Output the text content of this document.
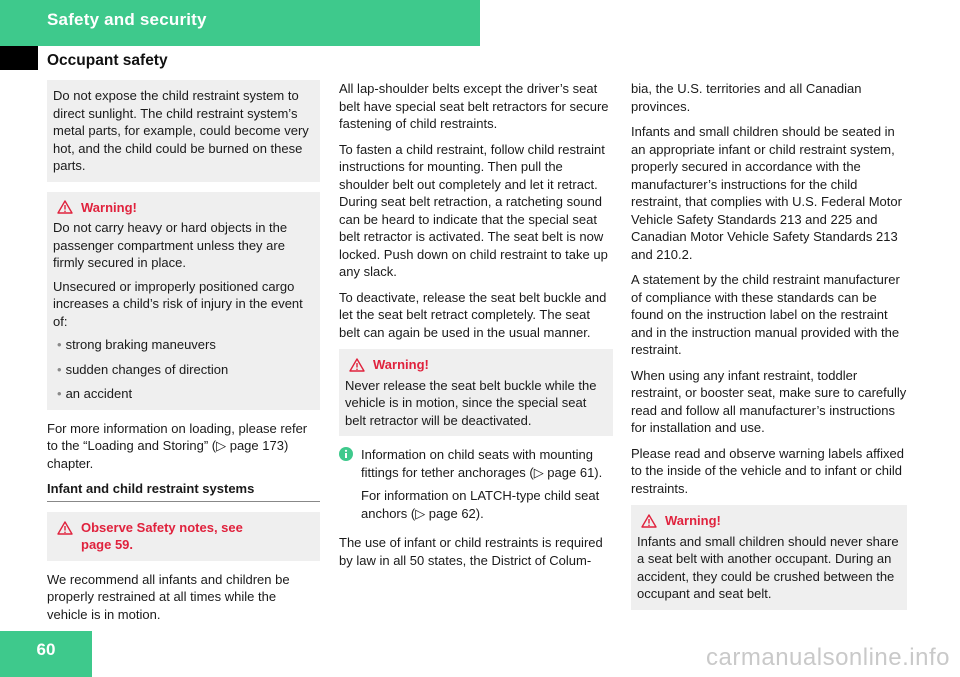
Safety and security
Occupant safety

Do not expose the child restraint system to direct sunlight. The child restraint system’s metal parts, for example, could become very hot, and the child could be burned on these parts.

Warning!

Do not carry heavy or hard objects in the passenger compartment unless they are firmly secured in place.

Unsecured or improperly positioned cargo increases a child’s risk of injury in the event of:

• strong braking maneuvers
• sudden changes of direction
• an accident

For more information on loading, please refer to the “Loading and Storing” (▷ page 173) chapter.

Infant and child restraint systems
Observe Safety notes, see
page 59.

We recommend all infants and children be properly restrained at all times while the vehicle is in motion.

All lap-shoulder belts except the driver’s seat belt have special seat belt retractors for secure fastening of child restraints.

To fasten a child restraint, follow child restraint instructions for mounting. Then pull the shoulder belt out completely and let it retract. During seat belt retraction, a ratcheting sound can be heard to indicate that the special seat belt retractor is activated. The seat belt is now locked. Push down on child restraint to take up any slack.

To deactivate, release the seat belt buckle and let the seat belt retract completely. The seat belt can again be used in the usual manner.

Warning!

Never release the seat belt buckle while the vehicle is in motion, since the special seat belt retractor will be deactivated.

Information on child seats with mounting fittings for tether anchorages (▷ page 61).

For information on LATCH-type child seat anchors (▷ page 62).

The use of infant or child restraints is required by law in all 50 states, the District of Colum-

bia, the U.S. territories and all Canadian provinces.

Infants and small children should be seated in an appropriate infant or child restraint system, properly secured in accordance with the manufacturer’s instructions for the child restraint, that complies with U.S. Federal Motor Vehicle Safety Standards 213 and 225 and Canadian Motor Vehicle Safety Standards 213 and 210.2.

A statement by the child restraint manufacturer of compliance with these standards can be found on the instruction label on the restraint and in the instruction manual provided with the restraint.

When using any infant restraint, toddler restraint, or booster seat, make sure to carefully read and follow all manufacturer’s instructions for installation and use.

Please read and observe warning labels affixed to the inside of the vehicle and to infant or child restraints.

Warning!

Infants and small children should never share a seat belt with another occupant. During an accident, they could be crushed between the occupant and seat belt.

60	carmanualsonline.info
